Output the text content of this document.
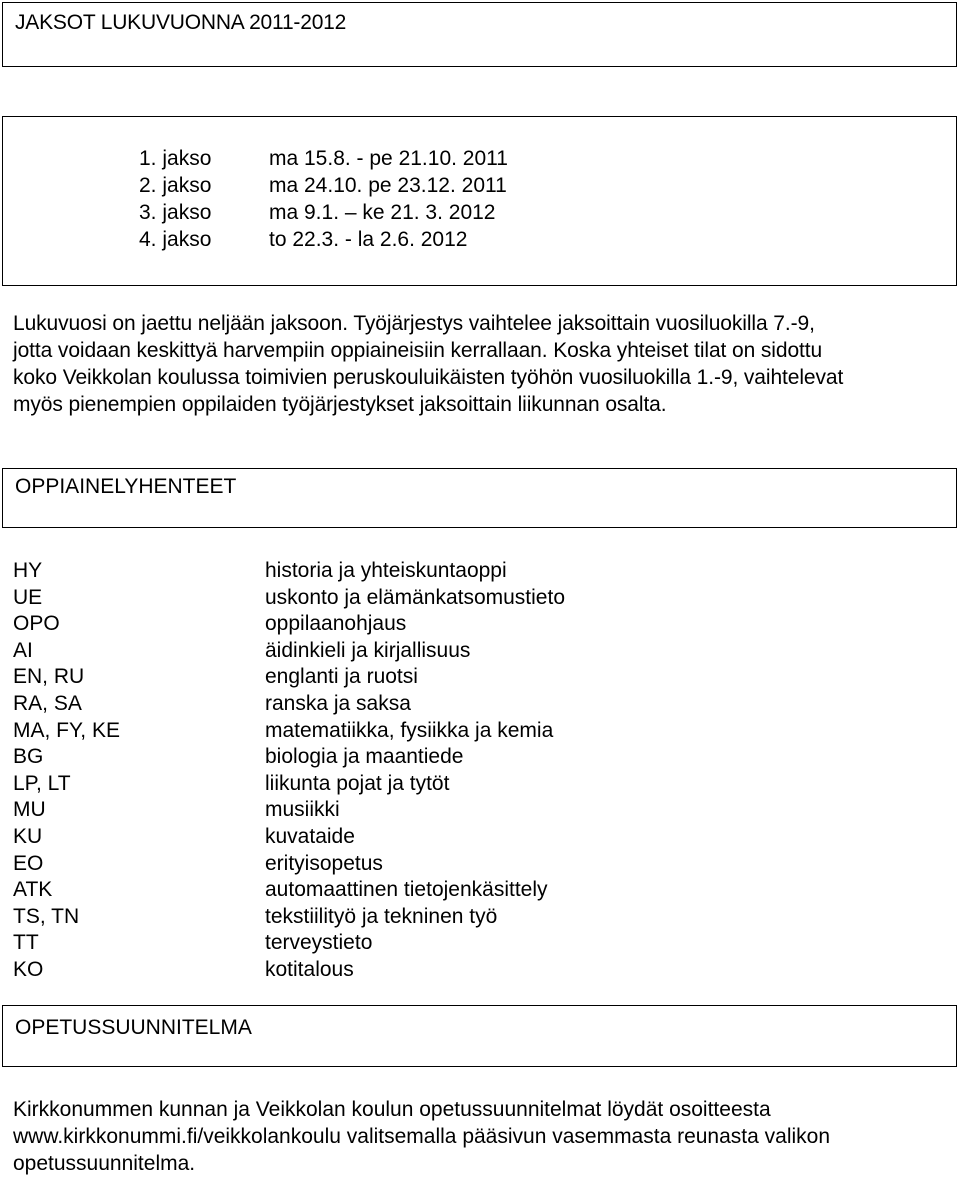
JAKSOT LUKUVUONNA 2011-2012
1. jakso	ma 15.8. - pe 21.10. 2011
2. jakso	ma 24.10. pe 23.12. 2011
3. jakso	ma 9.1. – ke 21. 3. 2012
4. jakso	to 22.3. - la 2.6. 2012
Lukuvuosi on jaettu neljään jaksoon. Työjärjestys vaihtelee jaksoittain vuosiluokilla 7.-9,
jotta voidaan keskittyä harvempiin oppiaineisiin kerrallaan. Koska yhteiset tilat on sidottu
koko Veikkolan koulussa toimivien peruskouluikäisten työhön vuosiluokilla 1.-9, vaihtelevat
myös pienempien oppilaiden työjärjestykset jaksoittain liikunnan osalta.
OPPIAINELYHENTEET
HY	historia ja yhteiskuntaoppi
UE	uskonto ja elämänkatsomustieto
OPO	oppilaanohjaus
AI	äidinkieli ja kirjallisuus
EN, RU	englanti ja ruotsi
RA, SA	ranska ja saksa
MA, FY, KE	matematiikka, fysiikka ja kemia
BG	biologia ja maantiede
LP, LT	liikunta pojat ja tytöt
MU	musiikki
KU	kuvataide
EO	erityisopetus
ATK	automaattinen tietojenkäsittely
TS, TN	tekstiilityö ja tekninen työ
TT	terveystieto
KO	kotitalous
OPETUSSUUNNITELMA
Kirkkonummen kunnan ja Veikkolan koulun opetussuunnitelmat löydät osoitteesta
www.kirkkonummi.fi/veikkolankoulu valitsemalla pääsivun vasemmasta reunasta valikon
opetussuunnitelma.
